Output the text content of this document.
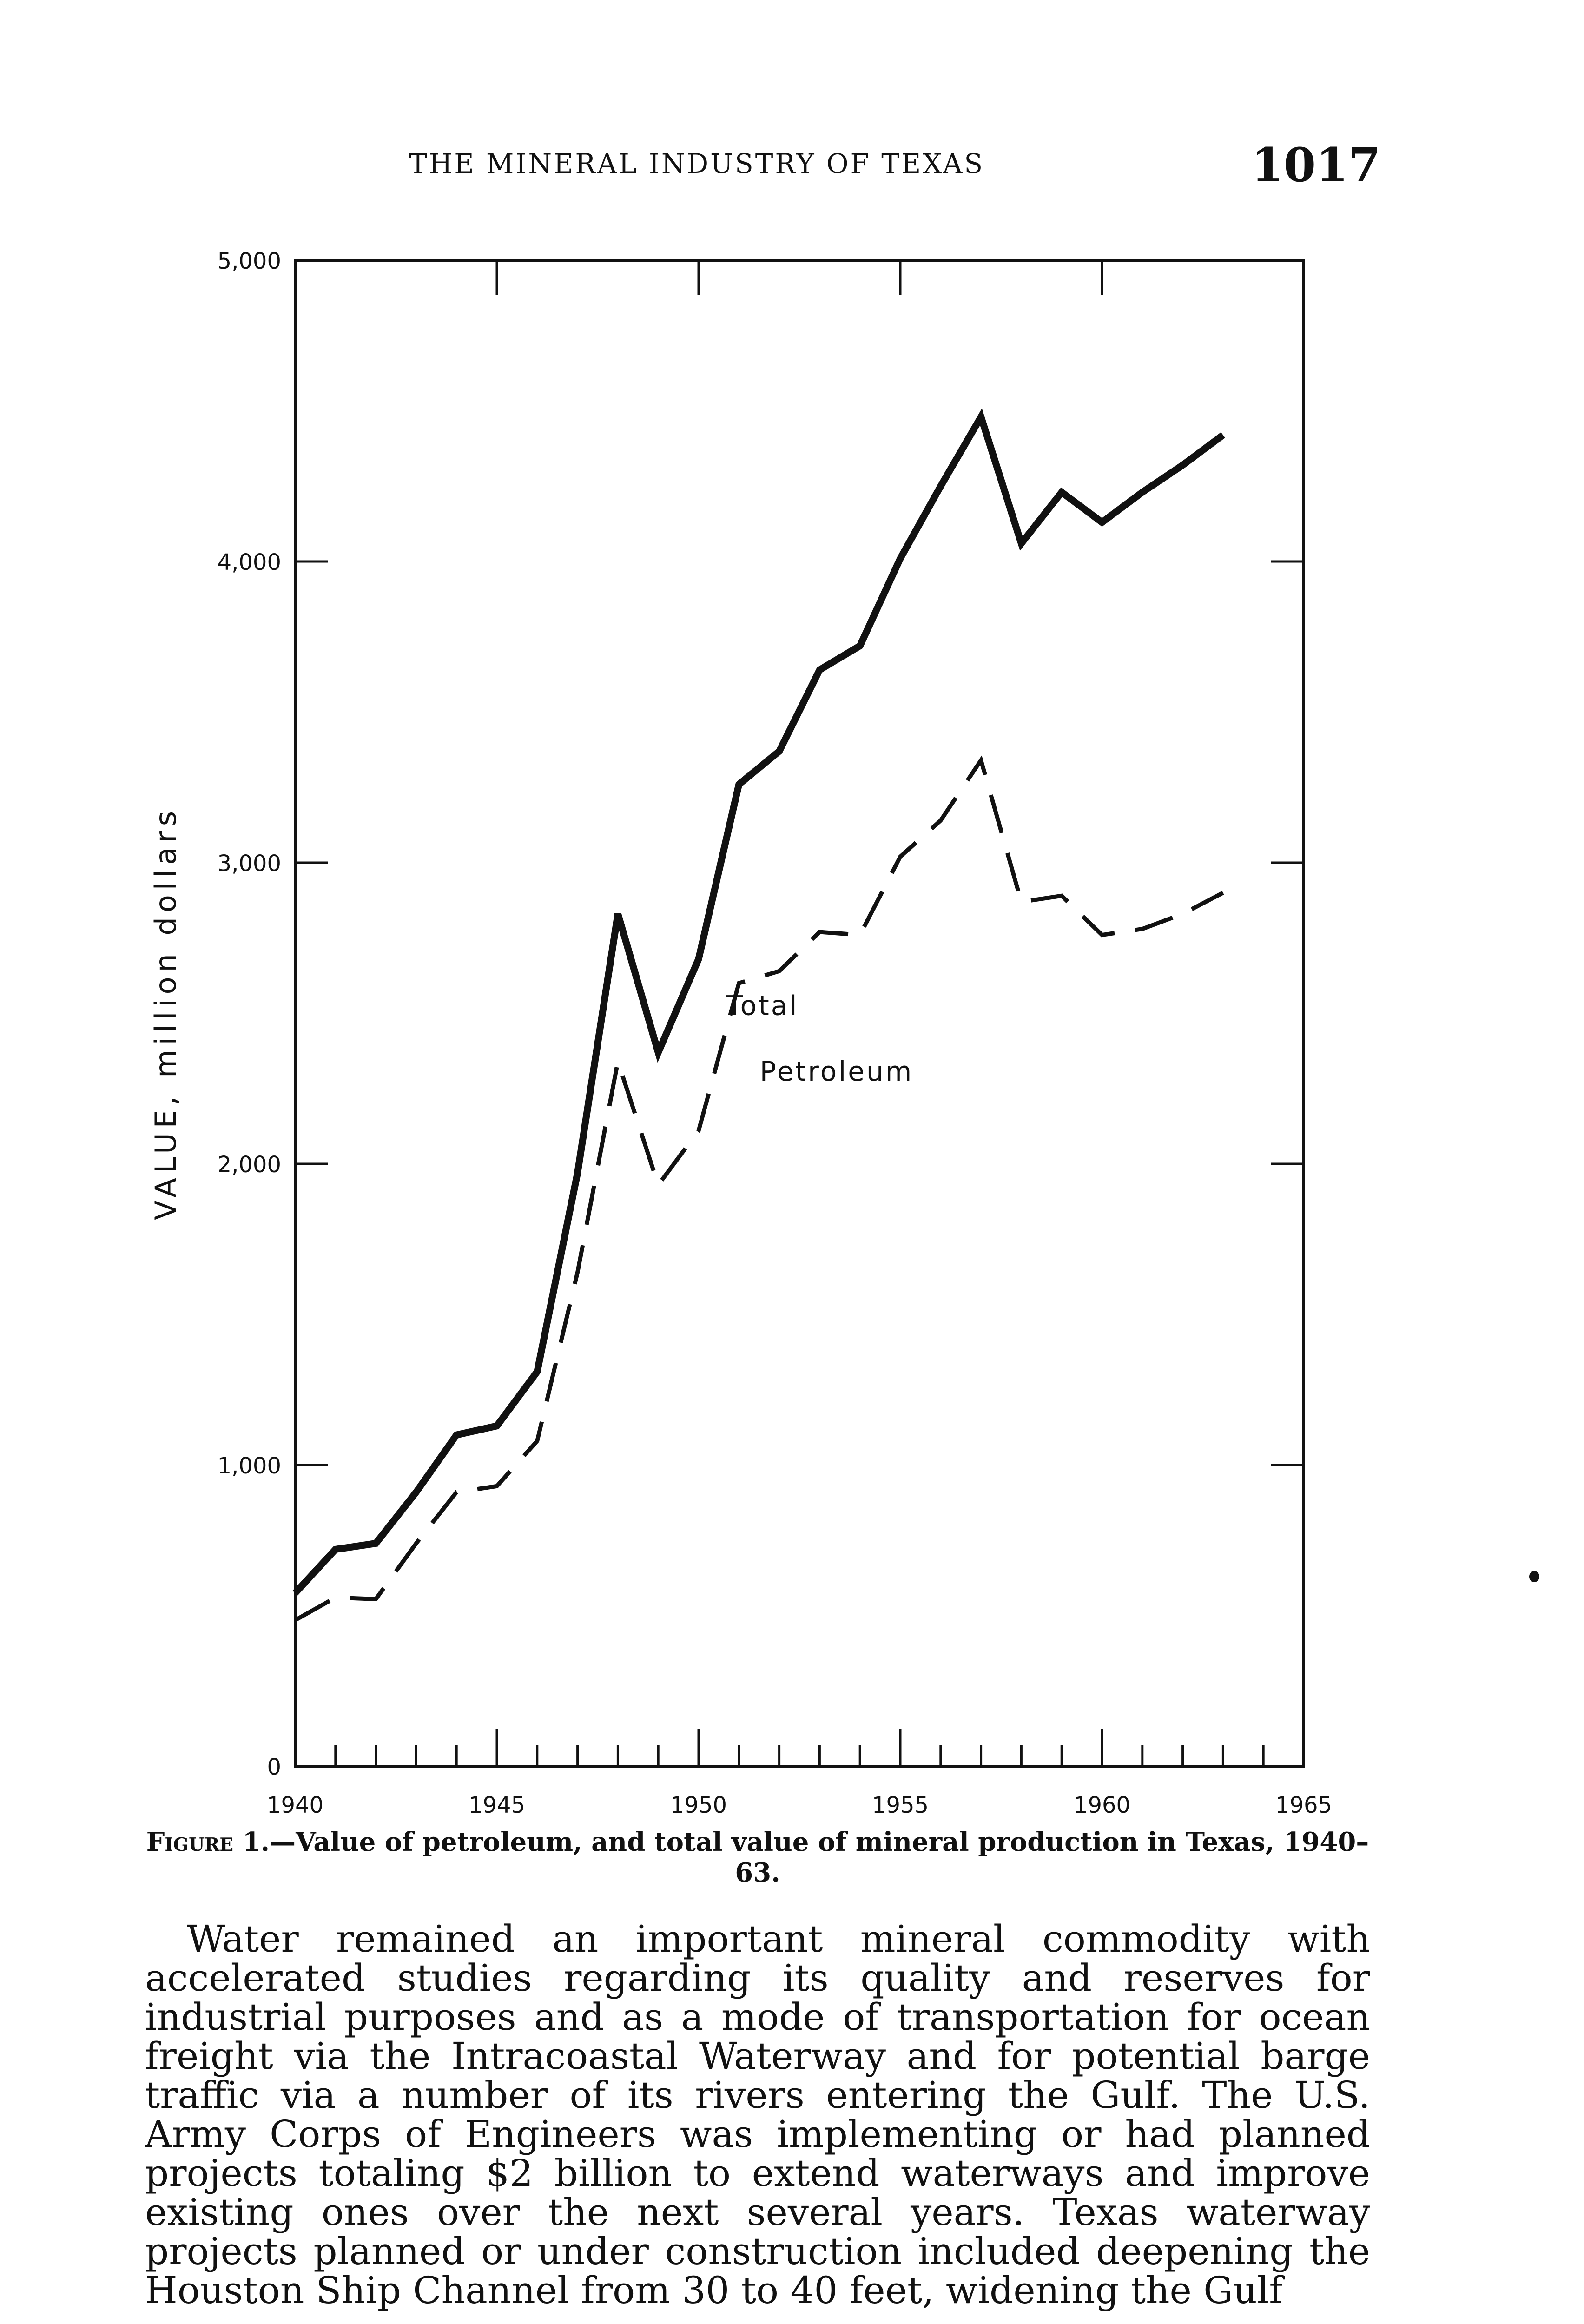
THE MINERAL INDUSTRY OF TEXAS	1017
0
1,000
2,000
3,000
4,000
5,000
1940	1945	1950	1955	1960	1965
VALUE, million dollars	Total
Petroleum
Figure 1.—Value of petroleum, and total value of mineral production in Texas, 1940–63.
Water remained an important mineral commodity with accelerated studies regarding its quality and reserves for industrial purposes and as a mode of transportation for ocean freight via the Intracoastal Waterway and for potential barge traffic via a number of its rivers entering the Gulf. The U.S. Army Corps of Engineers was implementing or had planned projects totaling $2 billion to extend waterways and improve existing ones over the next several years. Texas waterway projects planned or under construction included deepening the Houston Ship Channel from 30 to 40 feet, widening the Gulf
